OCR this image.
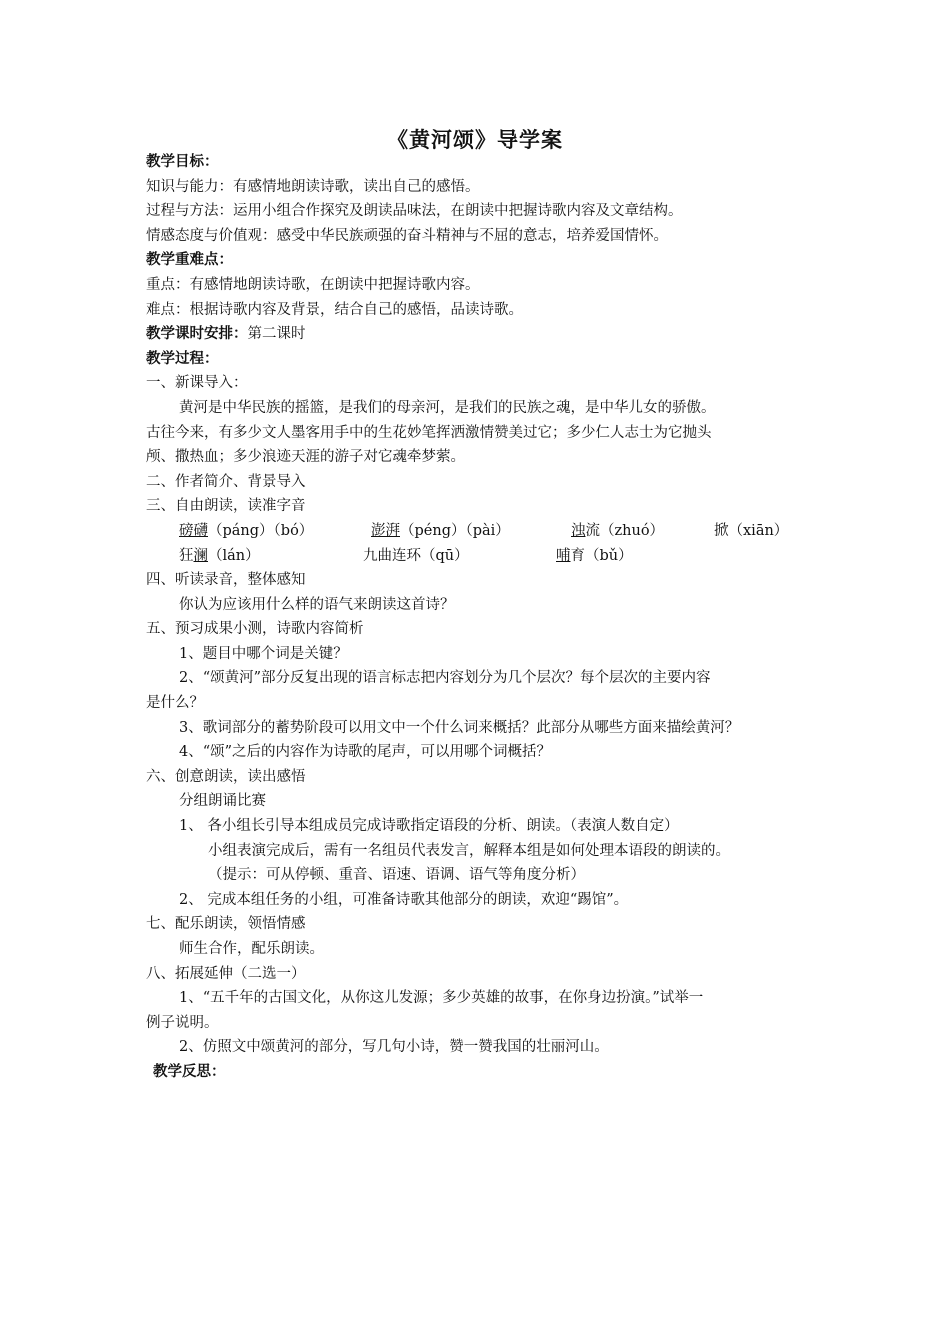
《黄河颂》导学案
教学目标：
知识与能力：有感情地朗读诗歌，读出自己的感悟。
过程与方法：运用小组合作探究及朗读品味法，在朗读中把握诗歌内容及文章结构。
情感态度与价值观：感受中华民族顽强的奋斗精神与不屈的意志，培养爱国情怀。
教学重难点：
重点：有感情地朗读诗歌，在朗读中把握诗歌内容。
难点：根据诗歌内容及背景，结合自己的感悟，品读诗歌。
教学课时安排：第二课时
教学过程：
一、新课导入：
黄河是中华民族的摇篮，是我们的母亲河，是我们的民族之魂，是中华儿女的骄傲。
古往今来，有多少文人墨客用手中的生花妙笔挥洒激情赞美过它；多少仁人志士为它抛头
颅、撒热血；多少浪迹天涯的游子对它魂牵梦萦。
二、作者简介、背景导入
三、自由朗读，读准字音
磅礴（páng）（bó）	澎湃（péng）（pài）	浊流（zhuó）	掀（xiān）
狂澜（lán）	九曲连环（qū）	哺育（bǔ）
四、听读录音，整体感知
你认为应该用什么样的语气来朗读这首诗？
五、预习成果小测，诗歌内容简析
1、题目中哪个词是关键？
2、“颂黄河”部分反复出现的语言标志把内容划分为几个层次？每个层次的主要内容
是什么？
3、歌词部分的蓄势阶段可以用文中一个什么词来概括？此部分从哪些方面来描绘黄河？
4、“颂”之后的内容作为诗歌的尾声，可以用哪个词概括？
六、创意朗读，读出感悟
分组朗诵比赛
1、 各小组长引导本组成员完成诗歌指定语段的分析、朗读。（表演人数自定）
小组表演完成后，需有一名组员代表发言，解释本组是如何处理本语段的朗读的。
（提示：可从停顿、重音、语速、语调、语气等角度分析）
2、 完成本组任务的小组，可准备诗歌其他部分的朗读，欢迎“踢馆”。
七、配乐朗读，领悟情感
师生合作，配乐朗读。
八、拓展延伸（二选一）
1、“五千年的古国文化，从你这儿发源；多少英雄的故事，在你身边扮演。”试举一
例子说明。
2、仿照文中颂黄河的部分，写几句小诗，赞一赞我国的壮丽河山。
教学反思：
